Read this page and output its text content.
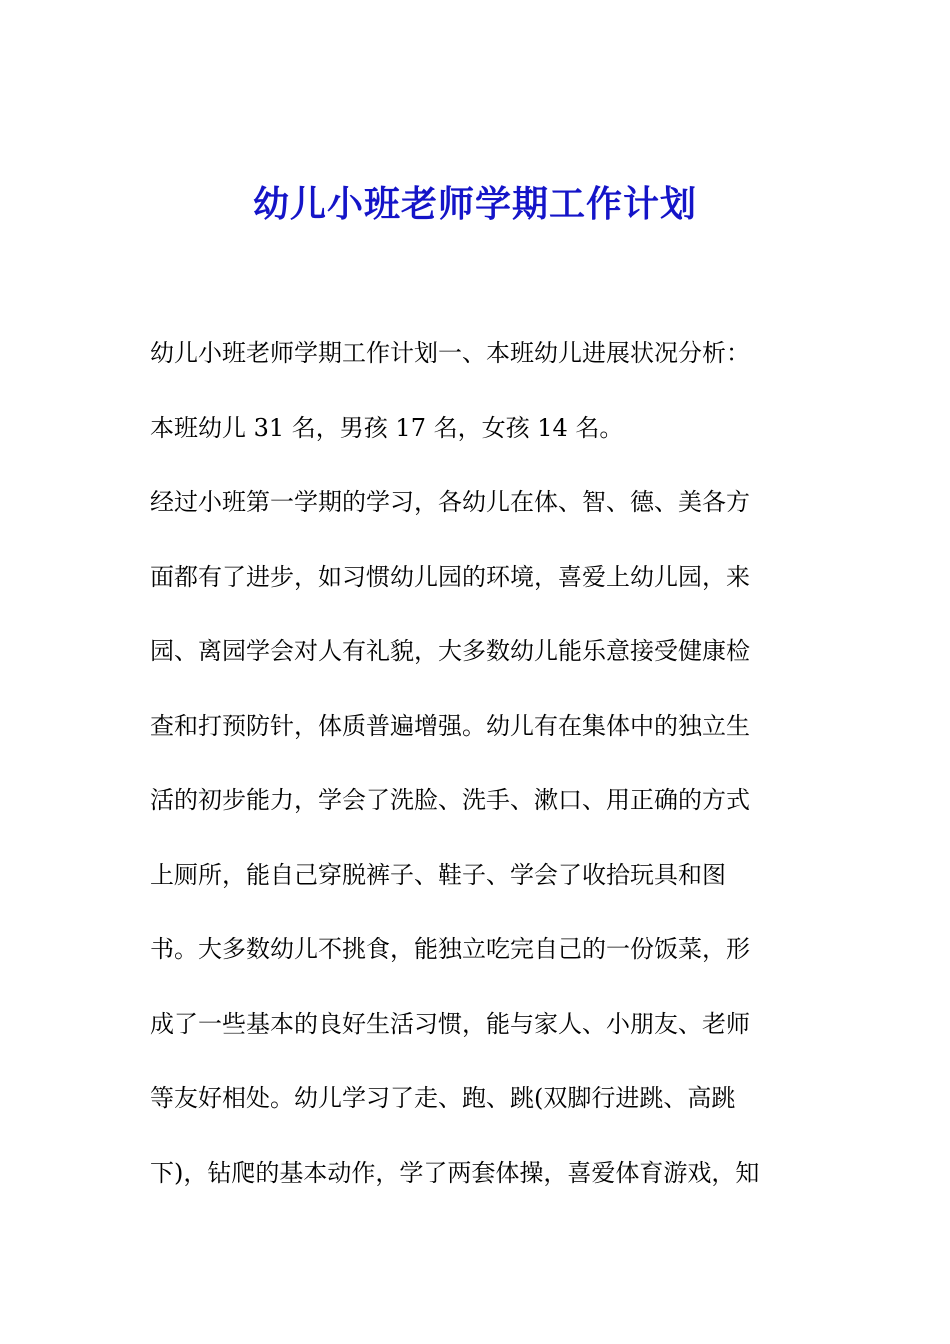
幼儿小班老师学期工作计划
幼儿小班老师学期工作计划一、本班幼儿进展状况分析：
本班幼儿 31 名，男孩 17 名，女孩 14 名。
经过小班第一学期的学习，各幼儿在体、智、德、美各方
面都有了进步，如习惯幼儿园的环境，喜爱上幼儿园，来
园、离园学会对人有礼貌，大多数幼儿能乐意接受健康检
查和打预防针，体质普遍增强。幼儿有在集体中的独立生
活的初步能力，学会了洗脸、洗手、漱口、用正确的方式
上厕所，能自己穿脱裤子、鞋子、学会了收拾玩具和图
书。大多数幼儿不挑食，能独立吃完自己的一份饭菜，形
成了一些基本的良好生活习惯，能与家人、小朋友、老师
等友好相处。幼儿学习了走、跑、跳(双脚行进跳、高跳
下)，钻爬的基本动作，学了两套体操，喜爱体育游戏，知
